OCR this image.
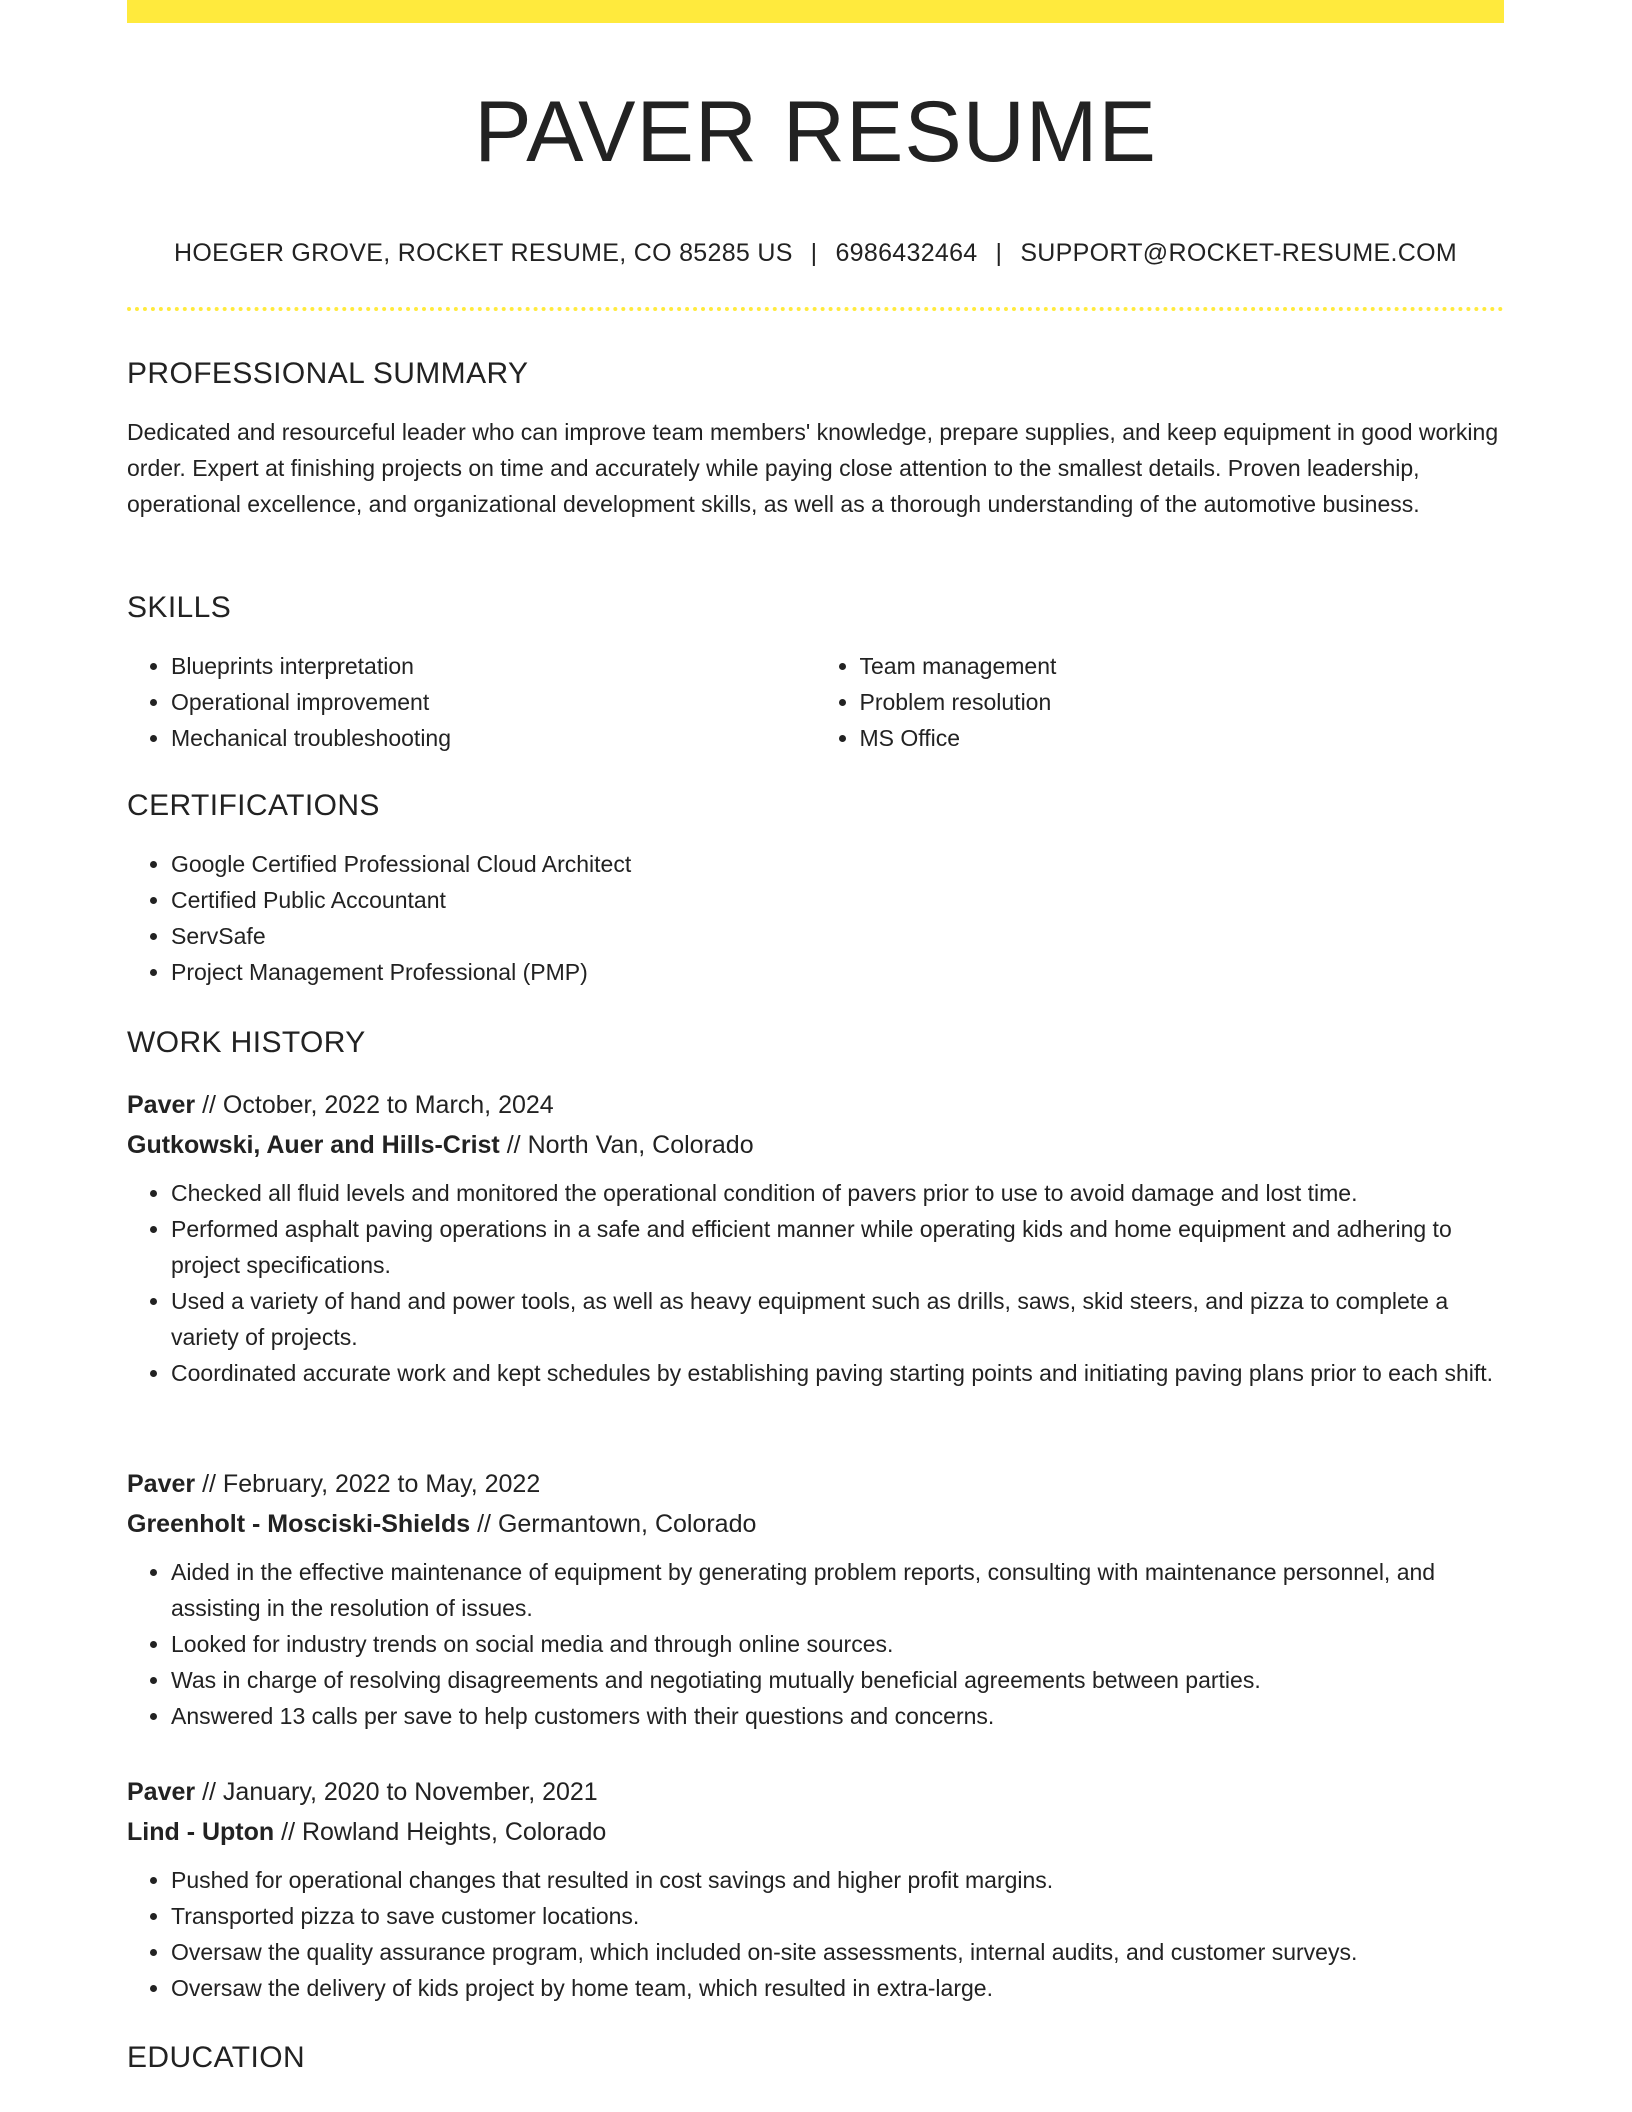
PAVER RESUME
HOEGER GROVE, ROCKET RESUME, CO 85285 US | 6986432464 | SUPPORT@ROCKET-RESUME.COM
PROFESSIONAL SUMMARY

Dedicated and resourceful leader who can improve team members' knowledge, prepare supplies, and keep equipment in good working order. Expert at finishing projects on time and accurately while paying close attention to the smallest details. Proven leadership, operational excellence, and organizational development skills, as well as a thorough understanding of the automotive business.

SKILLS
• Blueprints interpretation
• Operational improvement
• Mechanical troubleshooting
• Team management
• Problem resolution
• MS Office
CERTIFICATIONS
• Google Certified Professional Cloud Architect
• Certified Public Accountant
• ServSafe
• Project Management Professional (PMP)
WORK HISTORY
Paver // October, 2022 to March, 2024
Gutkowski, Auer and Hills-Crist // North Van, Colorado
• Checked all fluid levels and monitored the operational condition of pavers prior to use to avoid damage and lost time.
• Performed asphalt paving operations in a safe and efficient manner while operating kids and home equipment and adhering to project specifications.
• Used a variety of hand and power tools, as well as heavy equipment such as drills, saws, skid steers, and pizza to complete a variety of projects.
• Coordinated accurate work and kept schedules by establishing paving starting points and initiating paving plans prior to each shift.
Paver // February, 2022 to May, 2022
Greenholt - Mosciski-Shields // Germantown, Colorado
• Aided in the effective maintenance of equipment by generating problem reports, consulting with maintenance personnel, and assisting in the resolution of issues.
• Looked for industry trends on social media and through online sources.
• Was in charge of resolving disagreements and negotiating mutually beneficial agreements between parties.
• Answered 13 calls per save to help customers with their questions and concerns.
Paver // January, 2020 to November, 2021
Lind - Upton // Rowland Heights, Colorado
• Pushed for operational changes that resulted in cost savings and higher profit margins.
• Transported pizza to save customer locations.
• Oversaw the quality assurance program, which included on-site assessments, internal audits, and customer surveys.
• Oversaw the delivery of kids project by home team, which resulted in extra-large.
EDUCATION
